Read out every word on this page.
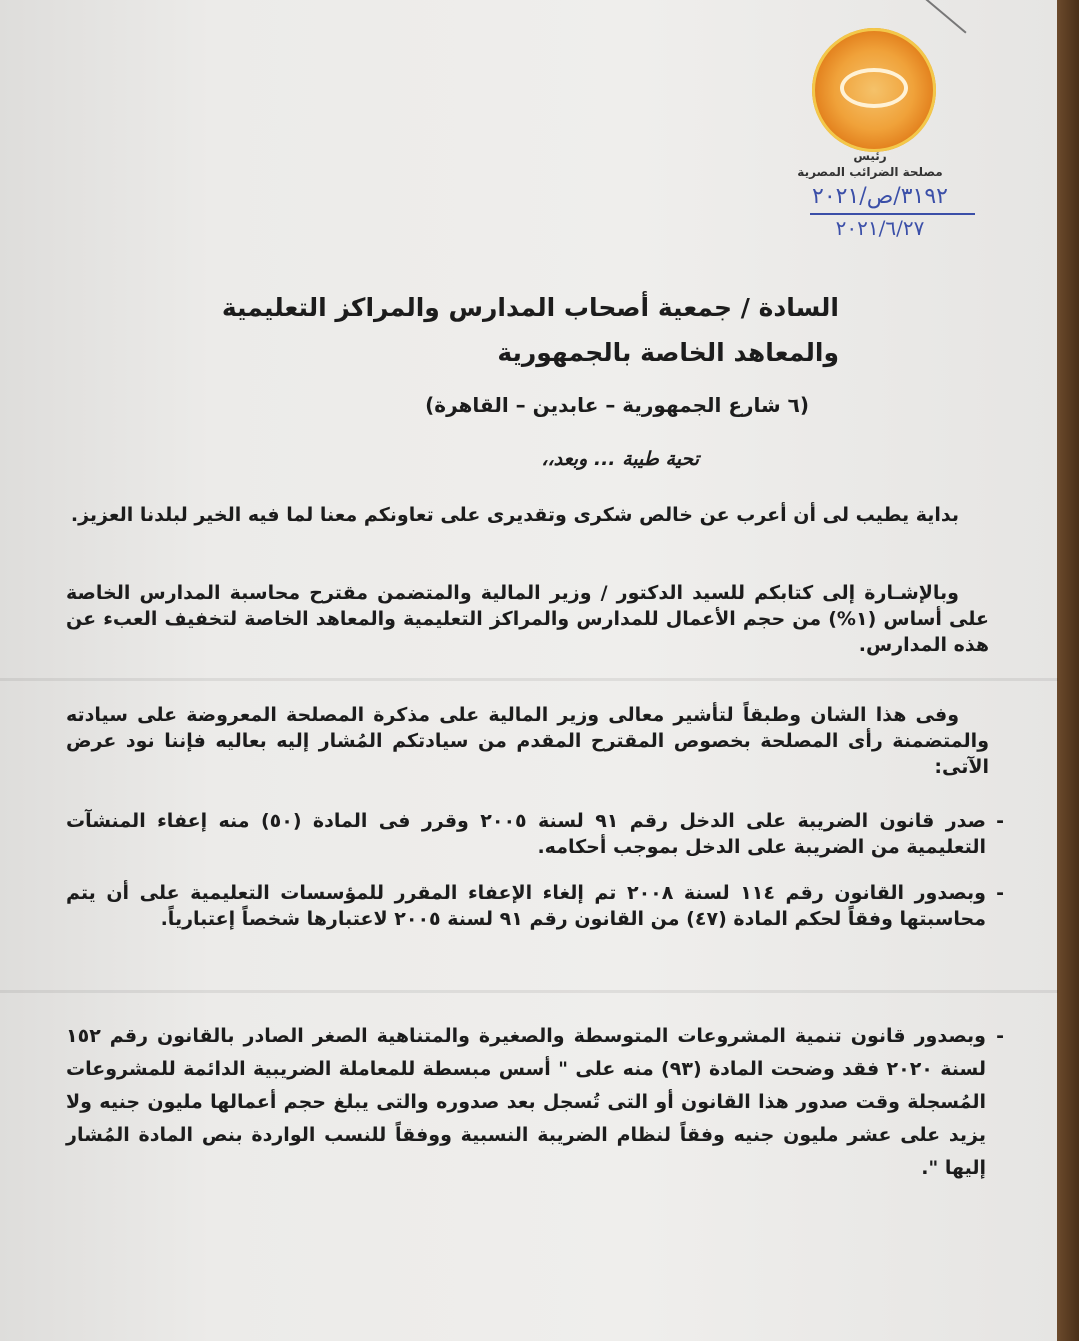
رئيس
مصلحة الضرائب المصرية
٣١٩٢/ص/٢٠٢١
٢٠٢١/٦/٢٧
السادة / جمعية أصحاب المدارس والمراكز التعليمية
والمعاهد الخاصة بالجمهورية
(٦ شارع الجمهورية – عابدين – القاهرة)
تحية طيبة ... وبعد،،
بداية يطيب لى أن أعرب عن خالص شكرى وتقديرى على تعاونكم معنا لما فيه الخير لبلدنا العزيز.
وبالإشـارة إلى كتابكم للسيد الدكتور / وزير المالية والمتضمن مقترح محاسبة المدارس الخاصة على أساس (١%) من حجم الأعمال للمدارس والمراكز التعليمية والمعاهد الخاصة لتخفيف العبء عن هذه المدارس.
وفى هذا الشان وطبقاً لتأشير معالى وزير المالية على مذكرة المصلحة المعروضة على سيادته والمتضمنة رأى المصلحة بخصوص المقترح المقدم من سيادتكم المُشار إليه بعاليه فإننا نود عرض الآتى:
- صدر قانون الضريبة على الدخل رقم ٩١ لسنة ٢٠٠٥ وقرر فى المادة (٥٠) منه إعفاء المنشآت التعليمية من الضريبة على الدخل بموجب أحكامه.
- وبصدور القانون رقم ١١٤ لسنة ٢٠٠٨ تم إلغاء الإعفاء المقرر للمؤسسات التعليمية على أن يتم محاسبتها وفقاً لحكم المادة (٤٧) من القانون رقم ٩١ لسنة ٢٠٠٥ لاعتبارها شخصاً إعتبارياً.
- وبصدور قانون تنمية المشروعات المتوسطة والصغيرة والمتناهية الصغر الصادر بالقانون رقم ١٥٢ لسنة ٢٠٢٠ فقد وضحت المادة (٩٣) منه على " أسس مبسطة للمعاملة الضريبية الدائمة للمشروعات المُسجلة وقت صدور هذا القانون أو التى تُسجل بعد صدوره والتى يبلغ حجم أعمالها مليون جنيه ولا يزيد على عشر مليون جنيه وفقاً لنظام الضريبة النسبية ووفقاً للنسب الواردة بنص المادة المُشار إليها ".
